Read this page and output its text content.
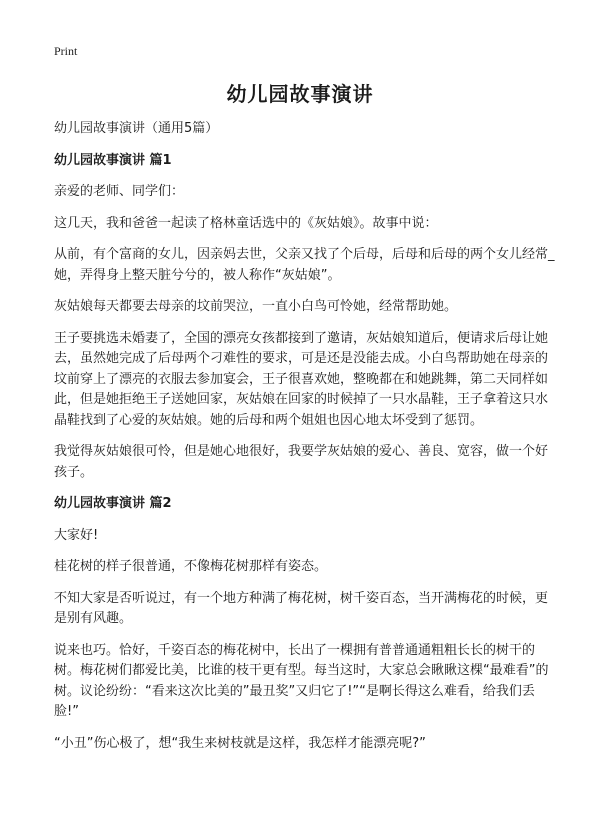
Print
幼儿园故事演讲

幼儿园故事演讲（通用5篇）

幼儿园故事演讲 篇1

亲爱的老师、同学们：

这几天，我和爸爸一起读了格林童话选中的《灰姑娘》。故事中说：

从前，有个富商的女儿，因亲妈去世，父亲又找了个后母，后母和后母的两个女儿经常_她，弄得身上整天脏兮兮的，被人称作“灰姑娘”。

灰姑娘每天都要去母亲的坟前哭泣，一直小白鸟可怜她，经常帮助她。

王子要挑选未婚妻了，全国的漂亮女孩都接到了邀请，灰姑娘知道后，便请求后母让她去，虽然她完成了后母两个刁难性的要求，可是还是没能去成。小白鸟帮助她在母亲的坟前穿上了漂亮的衣服去参加宴会，王子很喜欢她，整晚都在和她跳舞，第二天同样如此，但是她拒绝王子送她回家，灰姑娘在回家的时候掉了一只水晶鞋，王子拿着这只水晶鞋找到了心爱的灰姑娘。她的后母和两个姐姐也因心地太坏受到了惩罚。

我觉得灰姑娘很可怜，但是她心地很好，我要学灰姑娘的爱心、善良、宽容，做一个好孩子。

幼儿园故事演讲 篇2

大家好!

桂花树的样子很普通，不像梅花树那样有姿态。

不知大家是否听说过，有一个地方种满了梅花树，树千姿百态，当开满梅花的时候，更是别有风趣。

说来也巧。恰好，千姿百态的梅花树中，长出了一棵拥有普普通通粗粗长长的树干的树。梅花树们都爱比美，比谁的枝干更有型。每当这时，大家总会瞅瞅这棵“最难看”的树。议论纷纷：“看来这次比美的”最丑奖”又归它了!”“是啊长得这么难看，给我们丢脸!”

“小丑”伤心极了，想“我生来树枝就是这样，我怎样才能漂亮呢?”
